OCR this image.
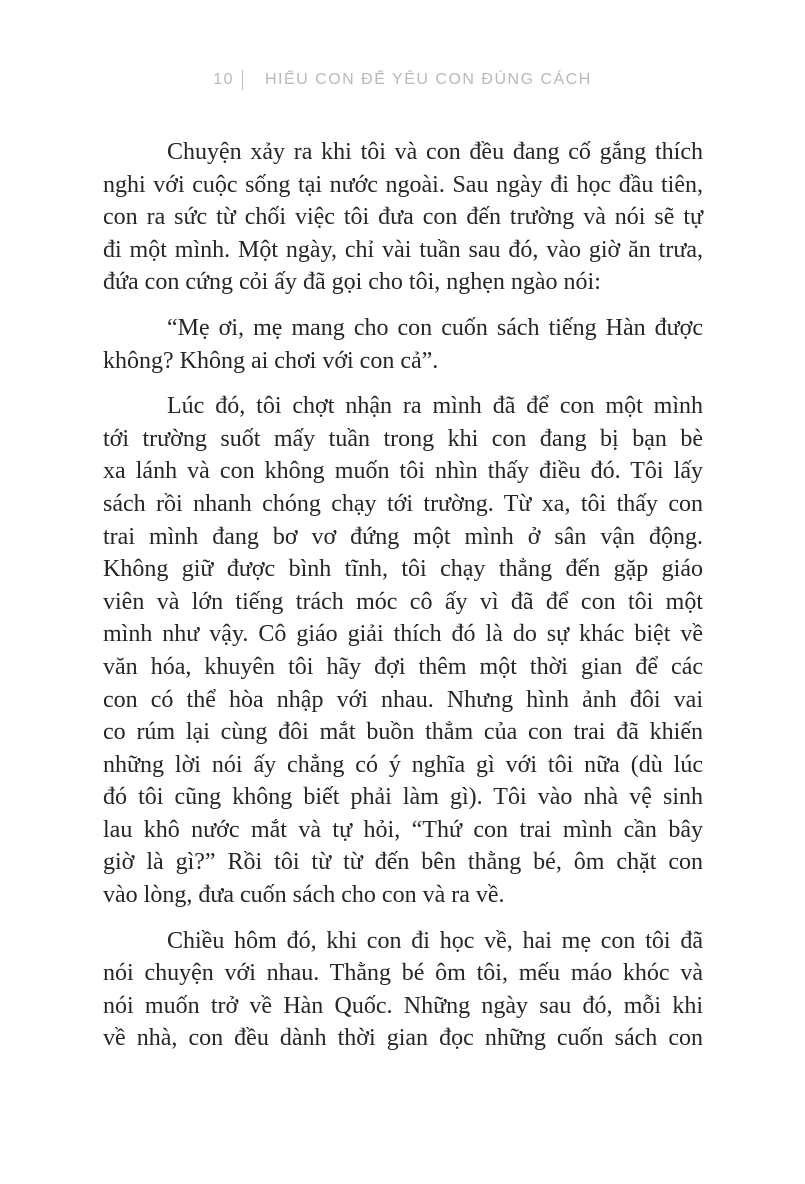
10 HIỂU CON ĐỂ YÊU CON ĐÚNG CÁCH

Chuyện xảy ra khi tôi và con đều đang cố gắng thích
nghi với cuộc sống tại nước ngoài. Sau ngày đi học đầu tiên,
con ra sức từ chối việc tôi đưa con đến trường và nói sẽ tự
đi một mình. Một ngày, chỉ vài tuần sau đó, vào giờ ăn trưa,
đứa con cứng cỏi ấy đã gọi cho tôi, nghẹn ngào nói:

“Mẹ ơi, mẹ mang cho con cuốn sách tiếng Hàn được
không? Không ai chơi với con cả”.

Lúc đó, tôi chợt nhận ra mình đã để con một mình
tới trường suốt mấy tuần trong khi con đang bị bạn bè
xa lánh và con không muốn tôi nhìn thấy điều đó. Tôi lấy
sách rồi nhanh chóng chạy tới trường. Từ xa, tôi thấy con
trai mình đang bơ vơ đứng một mình ở sân vận động.
Không giữ được bình tĩnh, tôi chạy thẳng đến gặp giáo
viên và lớn tiếng trách móc cô ấy vì đã để con tôi một
mình như vậy. Cô giáo giải thích đó là do sự khác biệt về
văn hóa, khuyên tôi hãy đợi thêm một thời gian để các
con có thể hòa nhập với nhau. Nhưng hình ảnh đôi vai
co rúm lại cùng đôi mắt buồn thẳm của con trai đã khiến
những lời nói ấy chẳng có ý nghĩa gì với tôi nữa (dù lúc
đó tôi cũng không biết phải làm gì). Tôi vào nhà vệ sinh
lau khô nước mắt và tự hỏi, “Thứ con trai mình cần bây
giờ là gì?” Rồi tôi từ từ đến bên thằng bé, ôm chặt con
vào lòng, đưa cuốn sách cho con và ra về.

Chiều hôm đó, khi con đi học về, hai mẹ con tôi đã
nói chuyện với nhau. Thằng bé ôm tôi, mếu máo khóc và
nói muốn trở về Hàn Quốc. Những ngày sau đó, mỗi khi
về nhà, con đều dành thời gian đọc những cuốn sách con
